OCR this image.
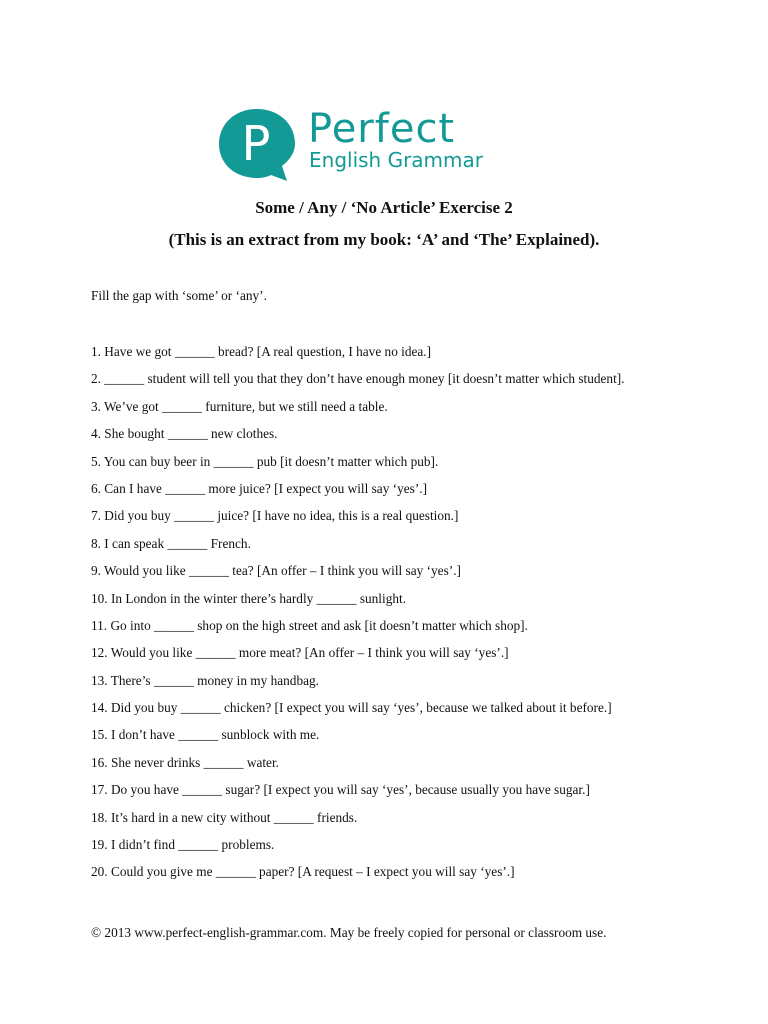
P Perfect
English Grammar
Some / Any / ‘No Article’ Exercise 2
(This is an extract from my book: ‘A’ and ‘The’ Explained).
Fill the gap with ‘some’ or ‘any’.
1. Have we got ______ bread? [A real question, I have no idea.]
2. ______ student will tell you that they don’t have enough money [it doesn’t matter which student].
3. We’ve got ______ furniture, but we still need a table.
4. She bought ______ new clothes.
5. You can buy beer in ______ pub [it doesn’t matter which pub].
6. Can I have ______ more juice? [I expect you will say ‘yes’.]
7. Did you buy ______ juice? [I have no idea, this is a real question.]
8. I can speak ______ French.
9. Would you like ______ tea? [An offer – I think you will say ‘yes’.]
10. In London in the winter there’s hardly ______ sunlight.
11. Go into ______ shop on the high street and ask [it doesn’t matter which shop].
12. Would you like ______ more meat? [An offer – I think you will say ‘yes’.]
13. There’s ______ money in my handbag.
14. Did you buy ______ chicken? [I expect you will say ‘yes’, because we talked about it before.]
15. I don’t have ______ sunblock with me.
16. She never drinks ______ water.
17. Do you have ______ sugar? [I expect you will say ‘yes’, because usually you have sugar.]
18. It’s hard in a new city without ______ friends.
19. I didn’t find ______ problems.
20. Could you give me ______ paper? [A request – I expect you will say ‘yes’.]
© 2013 www.perfect-english-grammar.com. May be freely copied for personal or classroom use.
